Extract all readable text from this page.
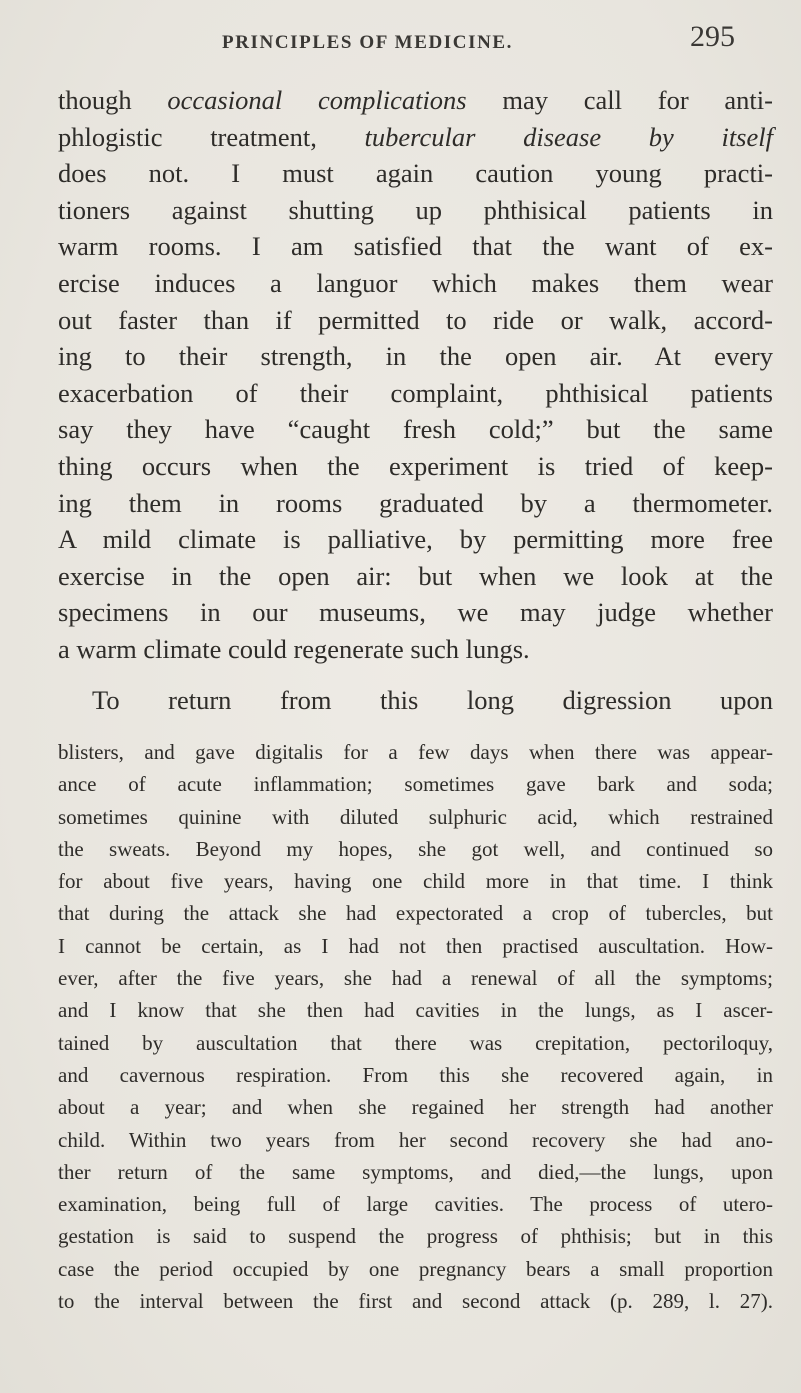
PRINCIPLES OF MEDICINE.	295
though occasional complications may call for anti-
phlogistic treatment, tubercular disease by itself
does not. I must again caution young practi-
tioners against shutting up phthisical patients in
warm rooms. I am satisfied that the want of ex-
ercise induces a languor which makes them wear
out faster than if permitted to ride or walk, accord-
ing to their strength, in the open air. At every
exacerbation of their complaint, phthisical patients
say they have “caught fresh cold;” but the same
thing occurs when the experiment is tried of keep-
ing them in rooms graduated by a thermometer.
A mild climate is palliative, by permitting more free
exercise in the open air: but when we look at the
specimens in our museums, we may judge whether
a warm climate could regenerate such lungs.
To return from this long digression upon
blisters, and gave digitalis for a few days when there was appear-
ance of acute inflammation; sometimes gave bark and soda;
sometimes quinine with diluted sulphuric acid, which restrained
the sweats. Beyond my hopes, she got well, and continued so
for about five years, having one child more in that time. I think
that during the attack she had expectorated a crop of tubercles, but
I cannot be certain, as I had not then practised auscultation. How-
ever, after the five years, she had a renewal of all the symptoms;
and I know that she then had cavities in the lungs, as I ascer-
tained by auscultation that there was crepitation, pectoriloquy,
and cavernous respiration. From this she recovered again, in
about a year; and when she regained her strength had another
child. Within two years from her second recovery she had ano-
ther return of the same symptoms, and died,—the lungs, upon
examination, being full of large cavities. The process of utero-
gestation is said to suspend the progress of phthisis; but in this
case the period occupied by one pregnancy bears a small proportion
to the interval between the first and second attack (p. 289, l. 27).
